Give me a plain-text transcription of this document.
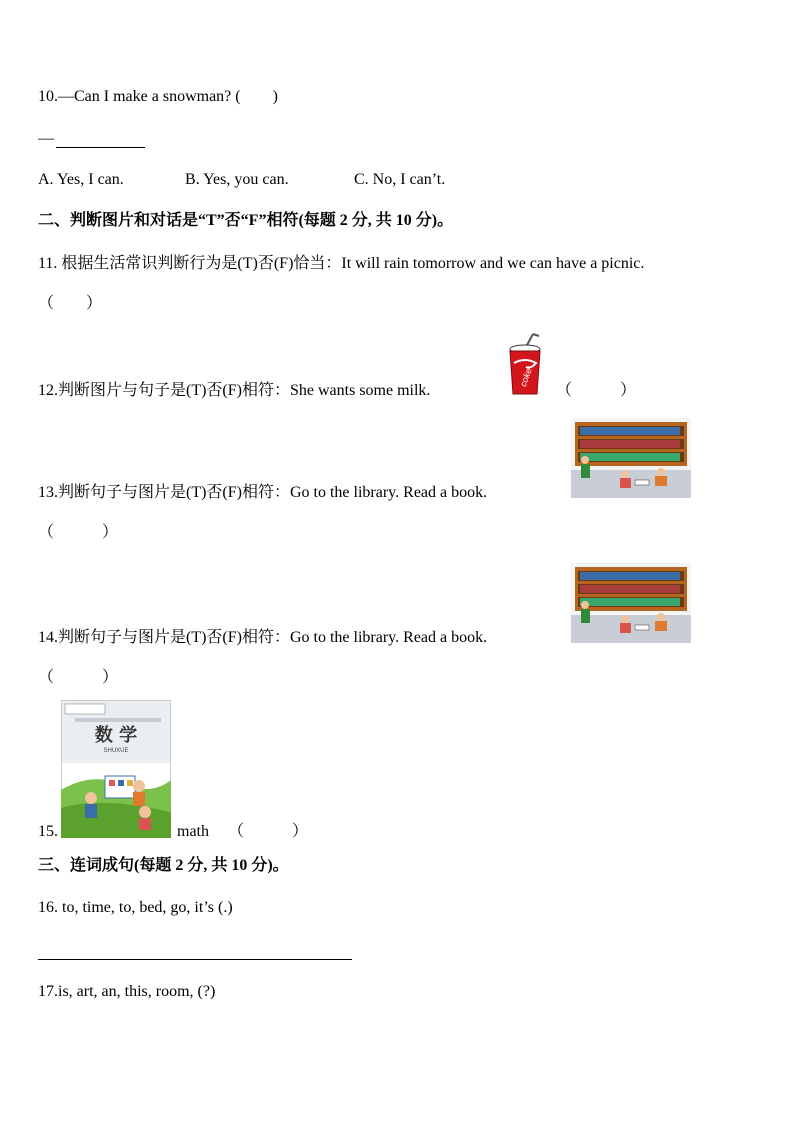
10.—Can I make a snowman? (　　)
—
A. Yes, I can.	B. Yes, you can.	C. No, I can’t.
二、判断图片和对话是“T”否“F”相符(每题 2 分, 共 10 分)。
11. 根据生活常识判断行为是(T)否(F)恰当：It will rain tomorrow and we can have a picnic.
（　　）
12.判断图片与句子是(T)否(F)相符：She wants some milk.
coke
（　　　）
13.判断句子与图片是(T)否(F)相符：Go to the library. Read a book.
（　　　）
14.判断句子与图片是(T)否(F)相符：Go to the library. Read a book.
（　　　）
数 学
SHUXUE
15.	math （　　　）
三、连词成句(每题 2 分, 共 10 分)。
16. to, time, to, bed, go, it’s (.)
17.is, art, an, this, room, (?)
